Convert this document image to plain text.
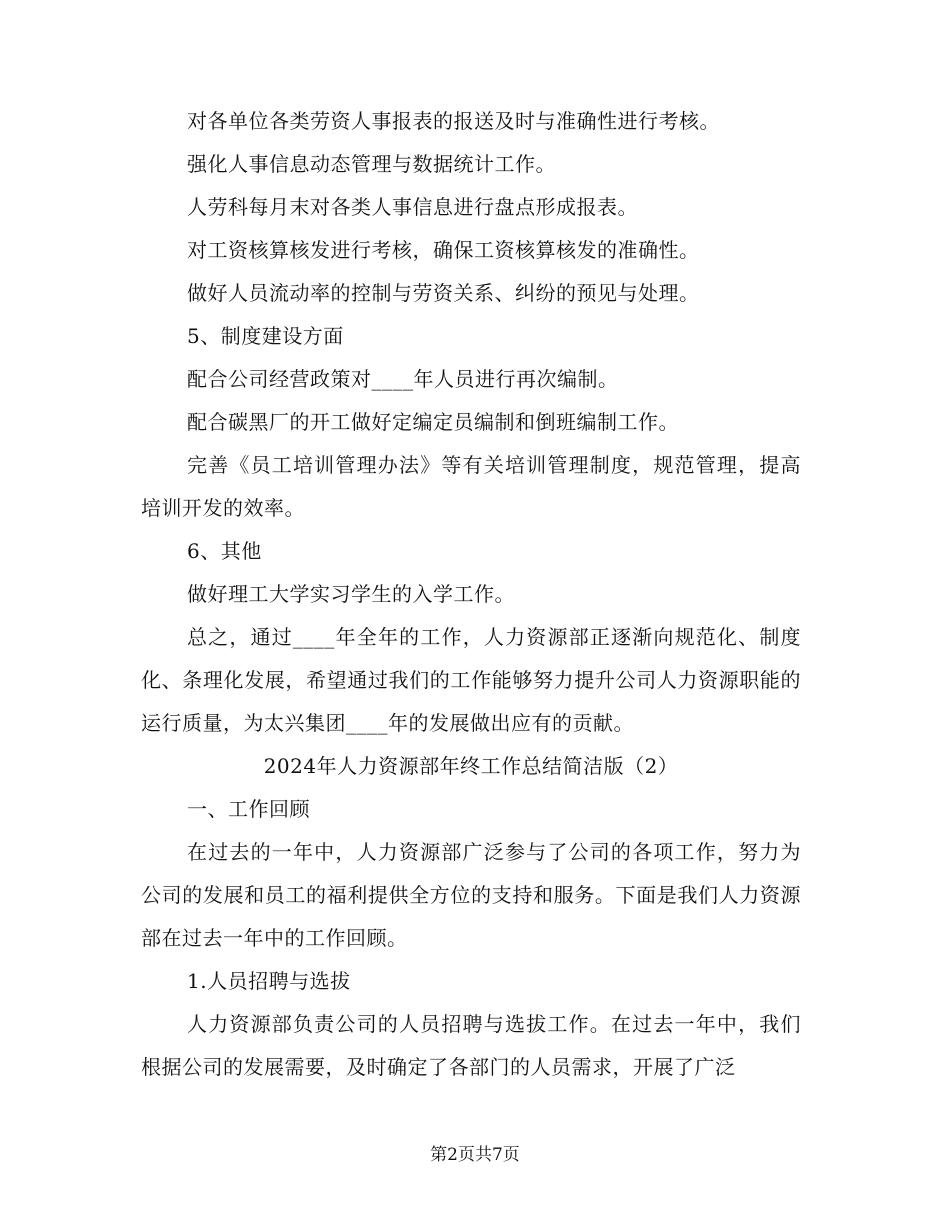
对各单位各类劳资人事报表的报送及时与准确性进行考核。

强化人事信息动态管理与数据统计工作。

人劳科每月末对各类人事信息进行盘点形成报表。

对工资核算核发进行考核，确保工资核算核发的准确性。

做好人员流动率的控制与劳资关系、纠纷的预见与处理。

5、制度建设方面

配合公司经营政策对____年人员进行再次编制。

配合碳黑厂的开工做好定编定员编制和倒班编制工作。

完善《员工培训管理办法》等有关培训管理制度，规范管理，提高培训开发的效率。

6、其他

做好理工大学实习学生的入学工作。

总之，通过____年全年的工作，人力资源部正逐渐向规范化、制度化、条理化发展，希望通过我们的工作能够努力提升公司人力资源职能的运行质量，为太兴集团____年的发展做出应有的贡献。

2024年人力资源部年终工作总结简洁版（2）

一、工作回顾

在过去的一年中，人力资源部广泛参与了公司的各项工作，努力为公司的发展和员工的福利提供全方位的支持和服务。下面是我们人力资源部在过去一年中的工作回顾。

1.人员招聘与选拔

人力资源部负责公司的人员招聘与选拔工作。在过去一年中，我们根据公司的发展需要，及时确定了各部门的人员需求，开展了广泛

第2页共7页
